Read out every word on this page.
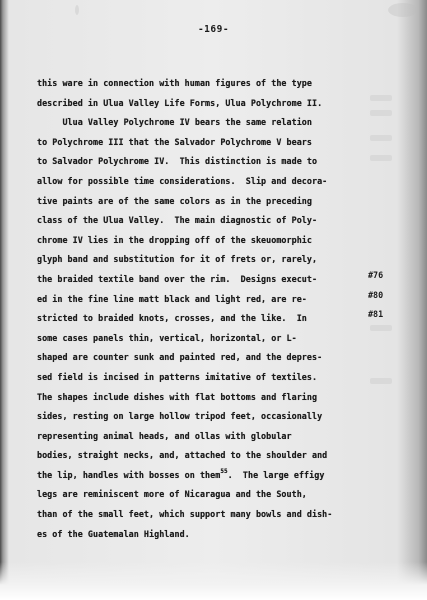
-169-
this ware in connection with human figures of the type
described in Ulua Valley Life Forms, Ulua Polychrome II.
Ulua Valley Polychrome IV bears the same relation
to Polychrome III that the Salvador Polychrome V bears
to Salvador Polychrome IV.  This distinction is made to
allow for possible time considerations.  Slip and decora-
tive paints are of the same colors as in the preceding
class of the Ulua Valley.  The main diagnostic of Poly-
chrome IV lies in the dropping off of the skeuomorphic
glyph band and substitution for it of frets or, rarely,
the braided textile band over the rim.  Designs execut-
ed in the fine line matt black and light red, are re-
stricted to braided knots, crosses, and the like.  In
some cases panels thin, vertical, horizontal, or L-
shaped are counter sunk and painted red, and the depres-
sed field is incised in patterns imitative of textiles.
The shapes include dishes with flat bottoms and flaring
sides, resting on large hollow tripod feet, occasionally
representing animal heads, and ollas with globular
bodies, straight necks, and, attached to the shoulder and
the lip, handles with bosses on them$^{55}$.  The large effigy
legs are reminiscent more of Nicaragua and the South,
than of the small feet, which support many bowls and dish-
es of the Guatemalan Highland.
#76
#80
#81
